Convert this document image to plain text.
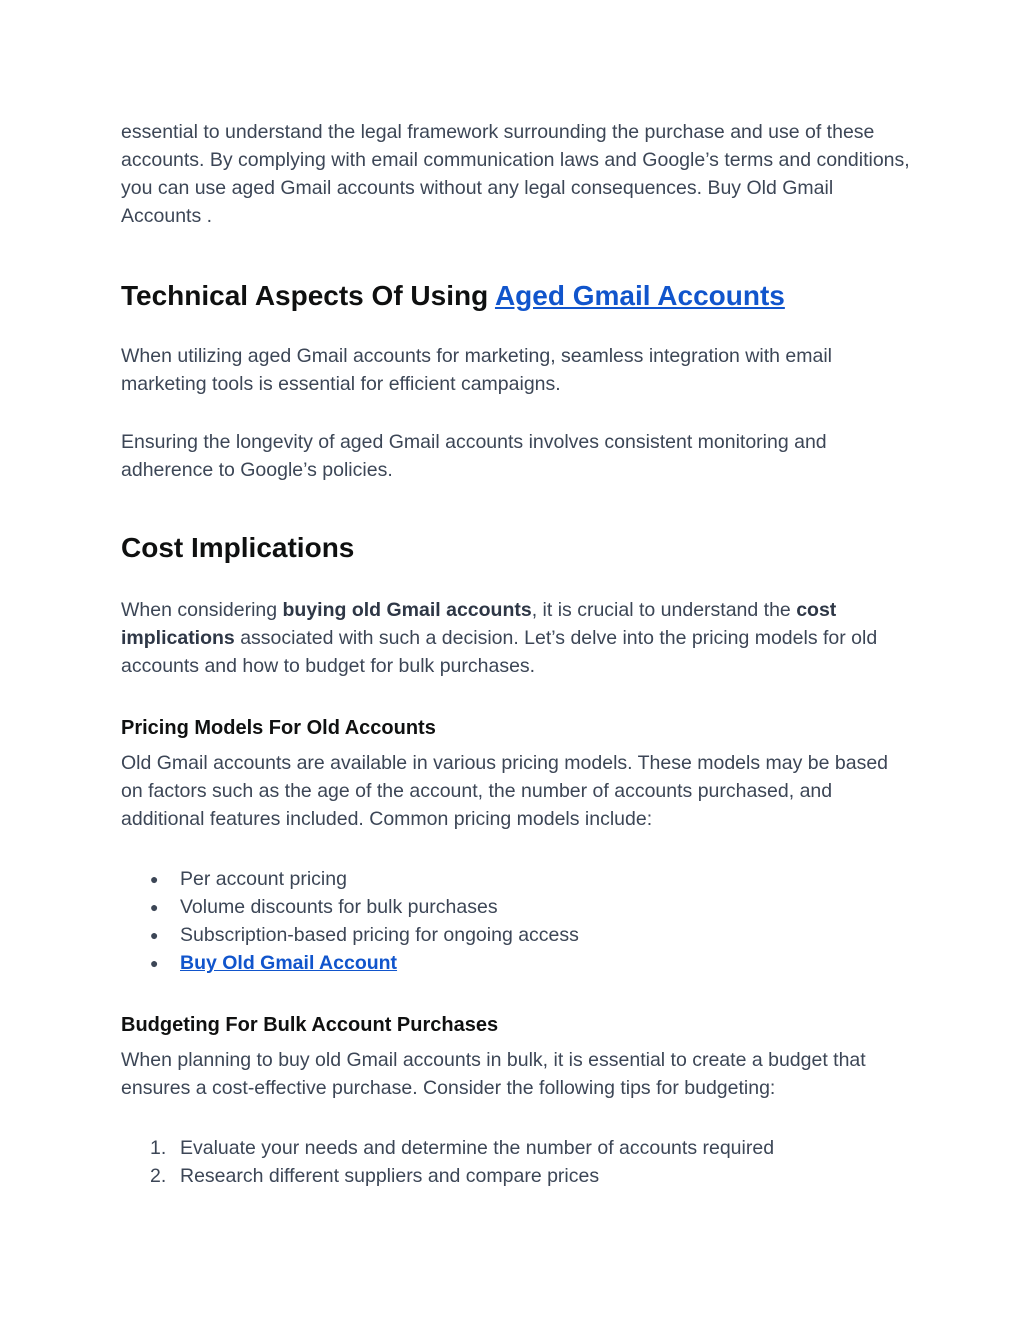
essential to understand the legal framework surrounding the purchase and use of these accounts. By complying with email communication laws and Google’s terms and conditions, you can use aged Gmail accounts without any legal consequences. Buy Old Gmail Accounts .

Technical Aspects Of Using Aged Gmail Accounts

When utilizing aged Gmail accounts for marketing, seamless integration with email marketing tools is essential for efficient campaigns.

Ensuring the longevity of aged Gmail accounts involves consistent monitoring and adherence to Google’s policies.

Cost Implications

When considering buying old Gmail accounts, it is crucial to understand the cost implications associated with such a decision. Let’s delve into the pricing models for old accounts and how to budget for bulk purchases.

Pricing Models For Old Accounts

Old Gmail accounts are available in various pricing models. These models may be based on factors such as the age of the account, the number of accounts purchased, and additional features included. Common pricing models include:

● Per account pricing
● Volume discounts for bulk purchases
● Subscription-based pricing for ongoing access
● Buy Old Gmail Account
Budgeting For Bulk Account Purchases

When planning to buy old Gmail accounts in bulk, it is essential to create a budget that ensures a cost-effective purchase. Consider the following tips for budgeting:

1. Evaluate your needs and determine the number of accounts required
2. Research different suppliers and compare prices
